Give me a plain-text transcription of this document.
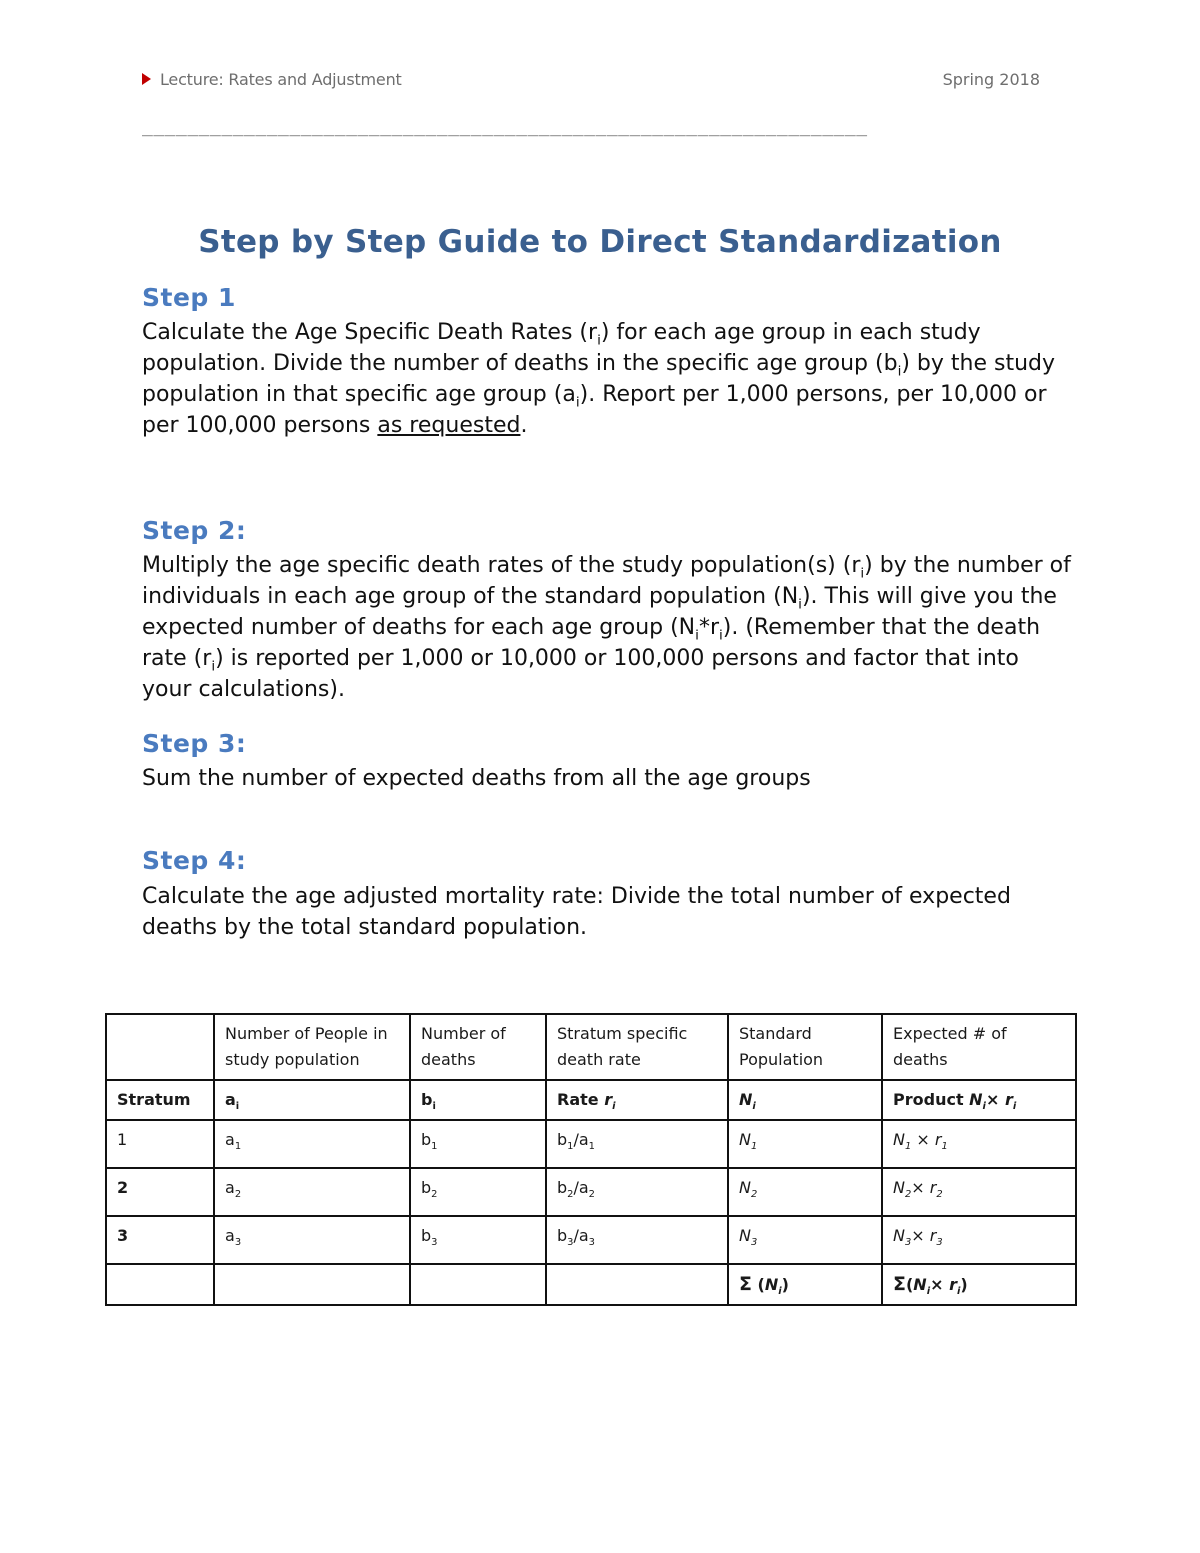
Lecture: Rates and Adjustment	Spring 2018
________________________________________________________________
Step by Step Guide to Direct Standardization
Step 1
Calculate the Age Specific Death Rates $(r_i)$ for each age group in each study population. Divide the number of deaths in the specific age group $(b_i)$ by the study population in that specific age group $(a_i)$. Report per 1,000 persons, per 10,000 or per 100,000 persons as requested.
Step 2:
Multiply the age specific death rates of the study population(s) $(r_i)$ by the number of individuals in each age group of the standard population $(N_i)$. This will give you the expected number of deaths for each age group $(N_i*r_i)$. (Remember that the death rate $(r_i)$ is reported per 1,000 or 10,000 or 100,000 persons and factor that into your calculations).
Step 3:
Sum the number of expected deaths from all the age groups
Step 4:
Calculate the age adjusted mortality rate: Divide the total number of expected deaths by the total standard population.
	Number of People in study population	Number of deaths	Stratum specific death rate	Standard Population	Expected # of deaths
Stratum	$a_i$	$b_i$	Rate $r_i$	$N_i$	Product $N_i\times r_i$
1	$a_1$	$b_1$	$b_1/a_1$	$N_1$	$N_1 \times r_1$
2	$a_2$	$b_2$	$b_2/a_2$	$N_2$	$N_2\times r_2$
3	$a_3$	$b_3$	$b_3/a_3$	$N_3$	$N_3\times r_3$
				Σ $(N_i)$	$\Sigma(N_i\times r_i)$
